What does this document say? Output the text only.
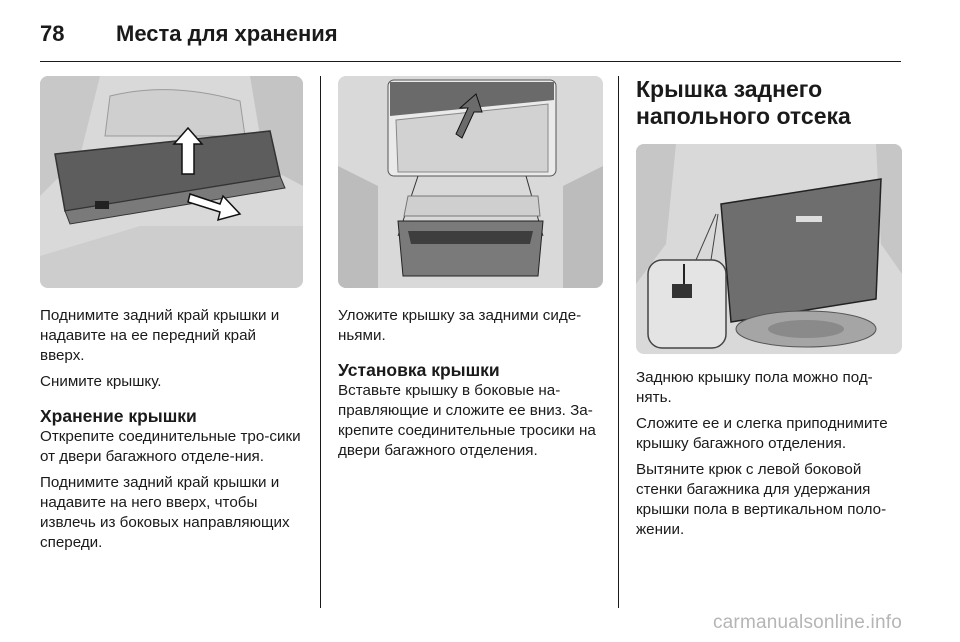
78	Места для хранения

Поднимите задний край крышки и надавите на ее передний край вверх.

Снимите крышку.

Хранение крышки

Открепите соединительные тро-сики от двери багажного отделе-ния.

Поднимите задний край крышки и надавите на него вверх, чтобы извлечь из боковых направляющих спереди.

Уложите крышку за задними сиде-ньями.

Установка крышки

Вставьте крышку в боковые на-правляющие и сложите ее вниз. За-крепите соединительные тросики на двери багажного отделения.

Крышка заднего напольного отсека

Заднюю крышку пола можно под-нять.

Сложите ее и слегка приподнимите крышку багажного отделения.

Вытяните крюк с левой боковой стенки багажника для удержания крышки пола в вертикальном поло-жении.

carmanualsonline.info
